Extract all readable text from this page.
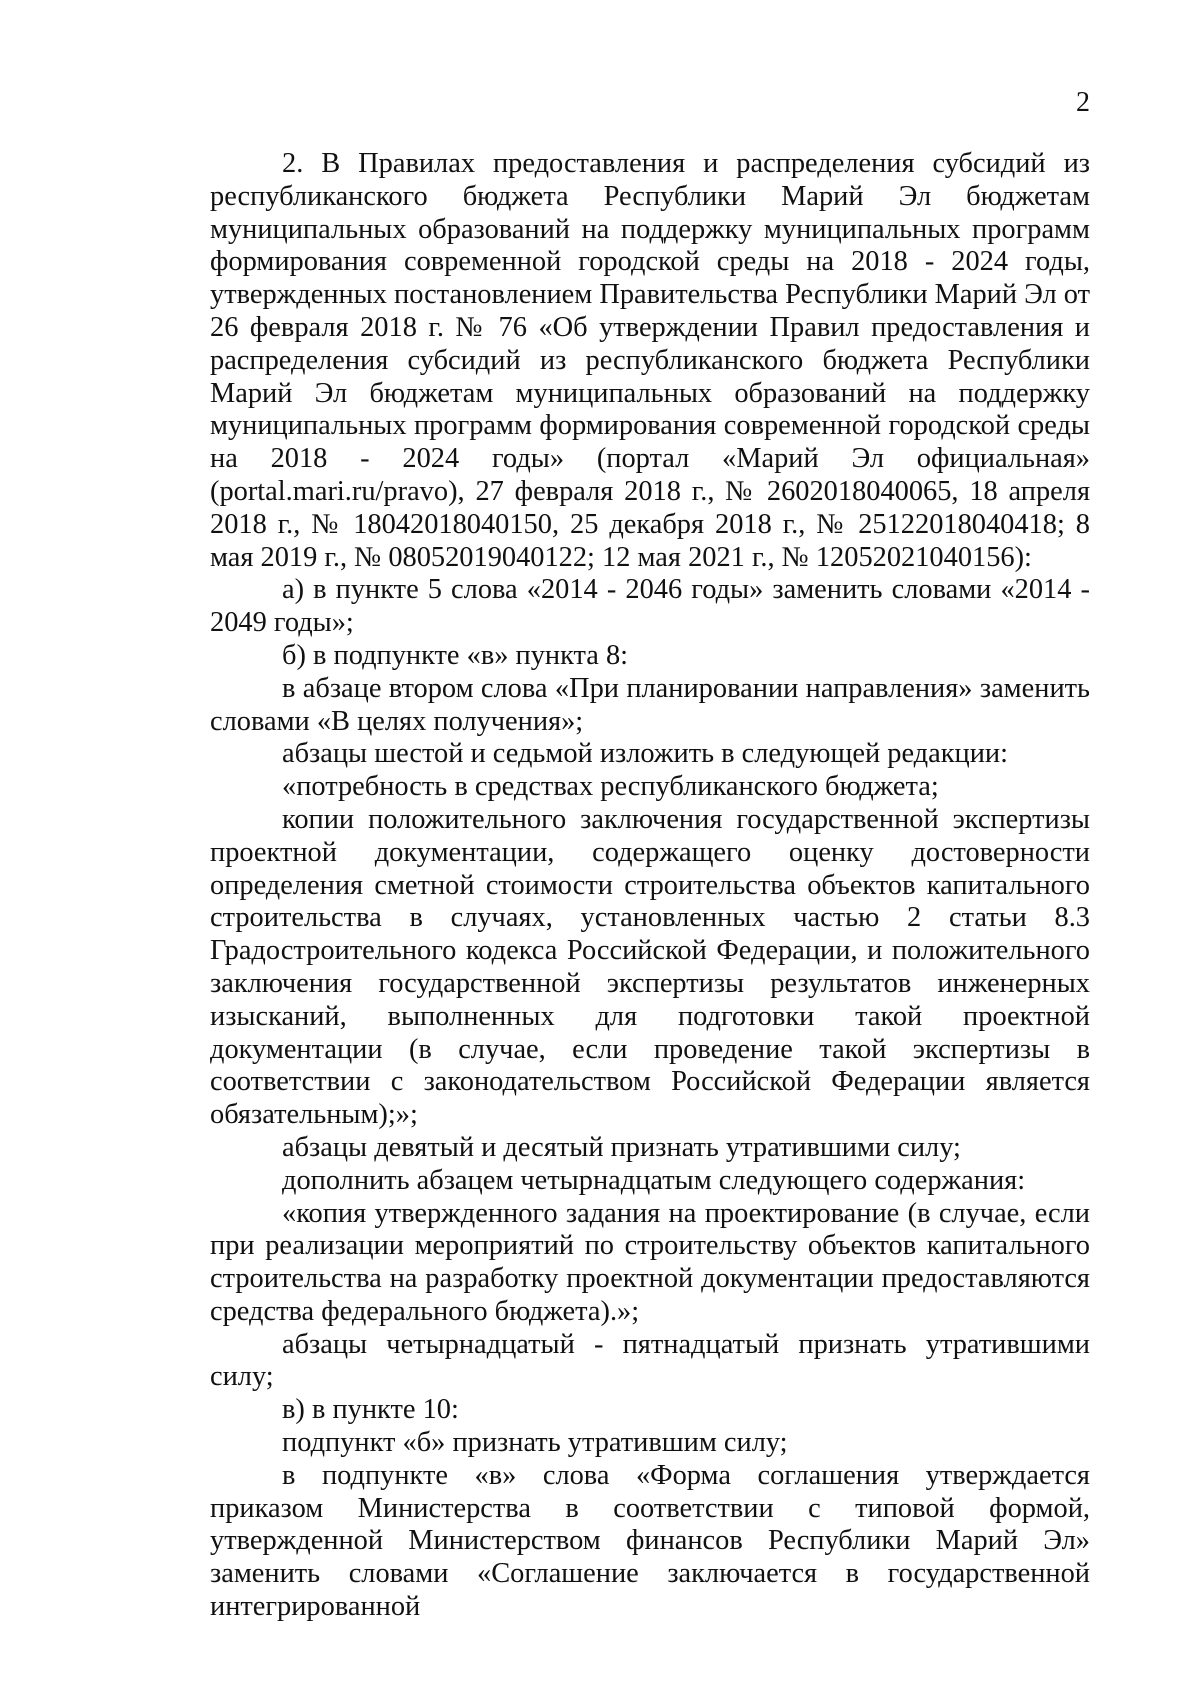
2

2. В Правилах предоставления и распределения субсидий из республиканского бюджета Республики Марий Эл бюджетам муниципальных образований на поддержку муниципальных программ формирования современной городской среды на 2018 - 2024 годы, утвержденных постановлением Правительства Республики Марий Эл от 26 февраля 2018 г. № 76 «Об утверждении Правил предоставления и распределения субсидий из республиканского бюджета Республики Марий Эл бюджетам муниципальных образований на поддержку муниципальных программ формирования современной городской среды на 2018 - 2024 годы» (портал «Марий Эл официальная» (portal.mari.ru/pravo), 27 февраля 2018 г., № 2602018040065, 18 апреля 2018 г., № 18042018040150, 25 декабря 2018 г., № 25122018040418; 8 мая 2019 г., № 08052019040122; 12 мая 2021 г., № 12052021040156):

а) в пункте 5 слова «2014 - 2046 годы» заменить словами «2014 - 2049 годы»;

б) в подпункте «в» пункта 8:

в абзаце втором слова «При планировании направления» заменить словами «В целях получения»;

абзацы шестой и седьмой изложить в следующей редакции:

«потребность в средствах республиканского бюджета;

копии положительного заключения государственной экспертизы проектной документации, содержащего оценку достоверности определения сметной стоимости строительства объектов капитального строительства в случаях, установленных частью 2 статьи 8.3 Градостроительного кодекса Российской Федерации, и положительного заключения государственной экспертизы результатов инженерных изысканий, выполненных для подготовки такой проектной документации (в случае, если проведение такой экспертизы в соответствии с законодательством Российской Федерации является обязательным);»;

абзацы девятый и десятый признать утратившими силу;

дополнить абзацем четырнадцатым следующего содержания:

«копия утвержденного задания на проектирование (в случае, если при реализации мероприятий по строительству объектов капитального строительства на разработку проектной документации предоставляются средства федерального бюджета).»;

абзацы четырнадцатый - пятнадцатый признать утратившими силу;

в) в пункте 10:

подпункт «б» признать утратившим силу;

в подпункте «в» слова «Форма соглашения утверждается приказом Министерства в соответствии с типовой формой, утвержденной Министерством финансов Республики Марий Эл» заменить словами «Соглашение заключается в государственной интегрированной
